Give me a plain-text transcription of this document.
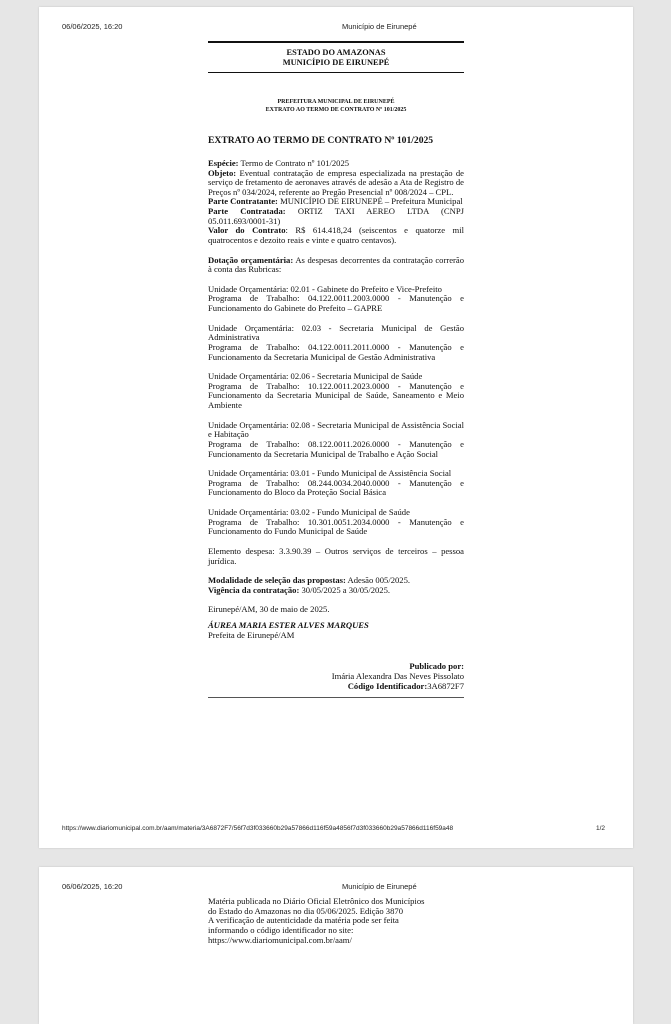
06/06/2025, 16:20	Município de Eirunepé
ESTADO DO AMAZONAS
MUNICÍPIO DE EIRUNEPÉ
PREFEITURA MUNICIPAL DE EIRUNEPÉ
EXTRATO AO TERMO DE CONTRATO Nº 101/2025
EXTRATO AO TERMO DE CONTRATO Nº 101/2025

Espécie: Termo de Contrato nº 101/2025

Objeto: Eventual contratação de empresa especializada na prestação de serviço de fretamento de aeronaves através de adesão a Ata de Registro de Preços nº 034/2024, referente ao Pregão Presencial nº 008/2024 – CPL.

Parte Contratante: MUNICÍPIO DE EIRUNEPÉ – Prefeitura Municipal

Parte Contratada: ORTIZ TAXI AEREO LTDA (CNPJ 05.011.693/0001-31)

Valor do Contrato: R$ 614.418,24 (seiscentos e quatorze mil quatrocentos e dezoito reais e vinte e quatro centavos).

Dotação orçamentária: As despesas decorrentes da contratação correrão à conta das Rubricas:

Unidade Orçamentária: 02.01 - Gabinete do Prefeito e Vice-Prefeito

Programa de Trabalho: 04.122.0011.2003.0000 - Manutenção e Funcionamento do Gabinete do Prefeito – GAPRE

Unidade Orçamentária: 02.03 - Secretaria Municipal de Gestão Administrativa

Programa de Trabalho: 04.122.0011.2011.0000 - Manutenção e Funcionamento da Secretaria Municipal de Gestão Administrativa

Unidade Orçamentária: 02.06 - Secretaria Municipal de Saúde

Programa de Trabalho: 10.122.0011.2023.0000 - Manutenção e Funcionamento da Secretaria Municipal de Saúde, Saneamento e Meio Ambiente

Unidade Orçamentária: 02.08 - Secretaria Municipal de Assistência Social e Habitação

Programa de Trabalho: 08.122.0011.2026.0000 - Manutenção e Funcionamento da Secretaria Municipal de Trabalho e Ação Social

Unidade Orçamentária: 03.01 - Fundo Municipal de Assistência Social

Programa de Trabalho: 08.244.0034.2040.0000 - Manutenção e Funcionamento do Bloco da Proteção Social Básica

Unidade Orçamentária: 03.02 - Fundo Municipal de Saúde

Programa de Trabalho: 10.301.0051.2034.0000 - Manutenção e Funcionamento do Fundo Municipal de Saúde

Elemento despesa: 3.3.90.39 – Outros serviços de terceiros – pessoa jurídica.

Modalidade de seleção das propostas: Adesão 005/2025.

Vigência da contratação: 30/05/2025 a 30/05/2025.

Eirunepé/AM, 30 de maio de 2025.

ÁUREA MARIA ESTER ALVES MARQUES

Prefeita de Eirunepé/AM

Publicado por:
Imária Alexandra Das Neves Pissolato
Código Identificador:3A6872F7
https://www.diariomunicipal.com.br/aam/materia/3A6872F7/56f7d3f033660b29a57866d116f59a4856f7d3f033660b29a57866d116f59a48	1/2
06/06/2025, 16:20	Município de Eirunepé
Matéria publicada no Diário Oficial Eletrônico dos Municípios
do Estado do Amazonas no dia 05/06/2025. Edição 3870
A verificação de autenticidade da matéria pode ser feita
informando o código identificador no site:
https://www.diariomunicipal.com.br/aam/
